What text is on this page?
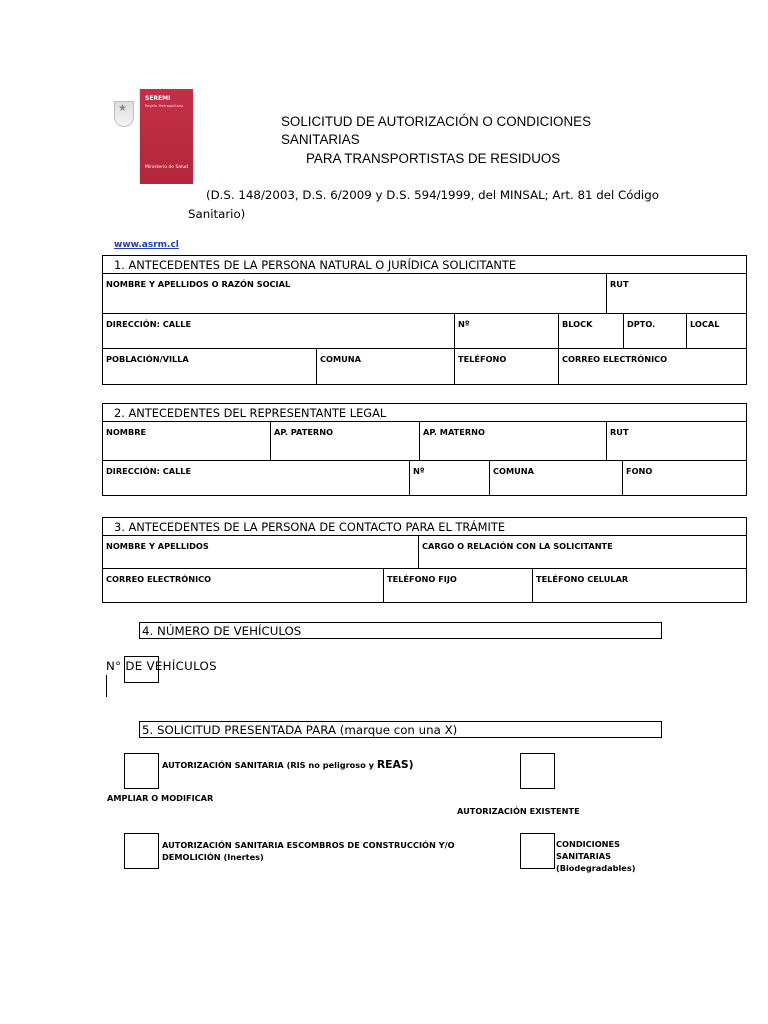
★
SEREMI
Región Metropolitana
Ministerio de Salud
SOLICITUD DE AUTORIZACIÓN O CONDICIONES
SANITARIAS
PARA TRANSPORTISTAS DE RESIDUOS
(D.S. 148/2003, D.S. 6/2009 y D.S. 594/1999, del MINSAL; Art. 81 del Código Sanitario)
www.asrm.cl
1. ANTECEDENTES DE LA PERSONA NATURAL O JURÍDICA SOLICITANTE
NOMBRE Y APELLIDOS O RAZÓN SOCIAL	RUT
DIRECCIÓN: CALLE	Nº	BLOCK	DPTO.	LOCAL
POBLACIÓN/VILLA	COMUNA	TELÉFONO	CORREO ELECTRÓNICO
2. ANTECEDENTES DEL REPRESENTANTE LEGAL
NOMBRE	AP. PATERNO	AP. MATERNO	RUT
DIRECCIÓN: CALLE	Nº	COMUNA	FONO
3. ANTECEDENTES DE LA PERSONA DE CONTACTO PARA EL TRÁMITE
NOMBRE Y APELLIDOS	CARGO O RELACIÓN CON LA SOLICITANTE
CORREO ELECTRÓNICO	TELÉFONO FIJO	TELÉFONO CELULAR
4. NÚMERO DE VEHÍCULOS
N° DE VEHÍCULOS
5. SOLICITUD PRESENTADA PARA (marque con una X)
AUTORIZACIÓN SANITARIA (RIS no peligroso y REAS)
AMPLIAR O MODIFICAR
AUTORIZACIÓN EXISTENTE
AUTORIZACIÓN SANITARIA ESCOMBROS DE CONSTRUCCIÓN Y/O
DEMOLICIÓN (Inertes)
CONDICIONES
SANITARIAS
(Biodegradables)
